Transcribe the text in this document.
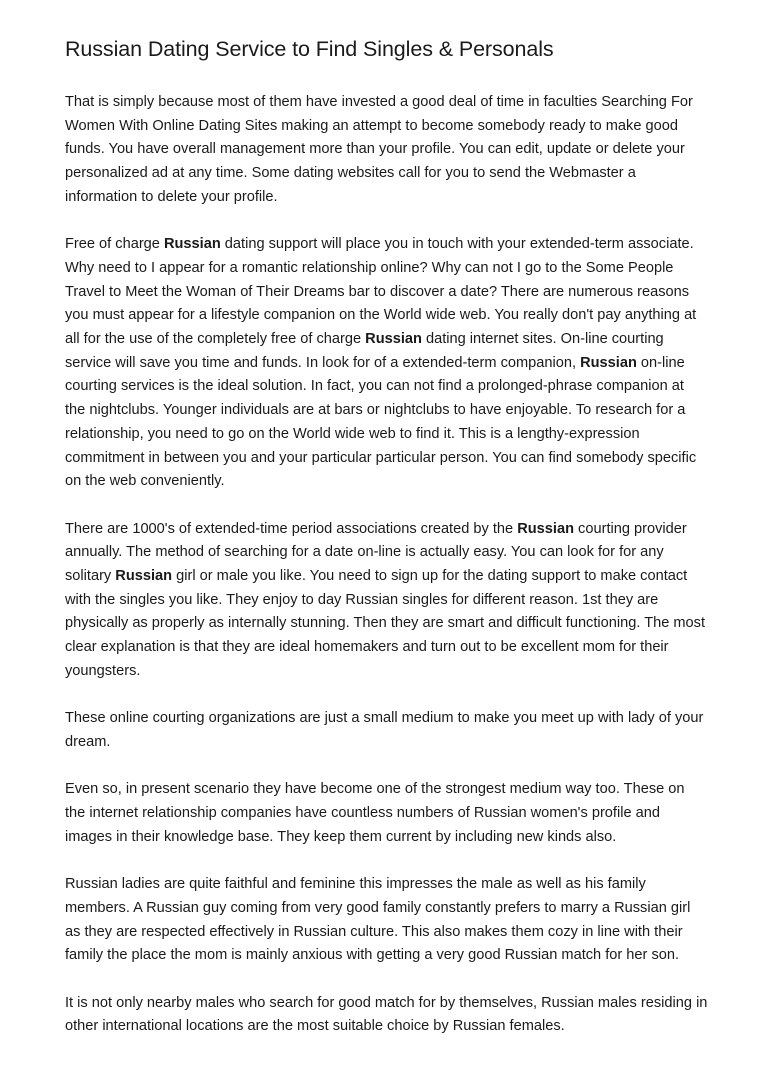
Russian Dating Service to Find Singles & Personals

That is simply because most of them have invested a good deal of time in faculties Searching For Women With Online Dating Sites making an attempt to become somebody ready to make good funds. You have overall management more than your profile. You can edit, update or delete your personalized ad at any time. Some dating websites call for you to send the Webmaster a information to delete your profile.

Free of charge Russian dating support will place you in touch with your extended-term associate. Why need to I appear for a romantic relationship online? Why can not I go to the Some People Travel to Meet the Woman of Their Dreams bar to discover a date? There are numerous reasons you must appear for a lifestyle companion on the World wide web. You really don't pay anything at all for the use of the completely free of charge Russian dating internet sites. On-line courting service will save you time and funds. In look for of a extended-term companion, Russian on-line courting services is the ideal solution. In fact, you can not find a prolonged-phrase companion at the nightclubs. Younger individuals are at bars or nightclubs to have enjoyable. To research for a relationship, you need to go on the World wide web to find it. This is a lengthy-expression commitment in between you and your particular particular person. You can find somebody specific on the web conveniently.

There are 1000's of extended-time period associations created by the Russian courting provider annually. The method of searching for a date on-line is actually easy. You can look for for any solitary Russian girl or male you like. You need to sign up for the dating support to make contact with the singles you like. They enjoy to day Russian singles for different reason. 1st they are physically as properly as internally stunning. Then they are smart and difficult functioning. The most clear explanation is that they are ideal homemakers and turn out to be excellent mom for their youngsters.

These online courting organizations are just a small medium to make you meet up with lady of your dream.

Even so, in present scenario they have become one of the strongest medium way too. These on the internet relationship companies have countless numbers of Russian women's profile and images in their knowledge base. They keep them current by including new kinds also.

Russian ladies are quite faithful and feminine this impresses the male as well as his family members. A Russian guy coming from very good family constantly prefers to marry a Russian girl as they are respected effectively in Russian culture. This also makes them cozy in line with their family the place the mom is mainly anxious with getting a very good Russian match for her son.

It is not only nearby males who search for good match for by themselves, Russian males residing in other international locations are the most suitable choice by Russian females.
